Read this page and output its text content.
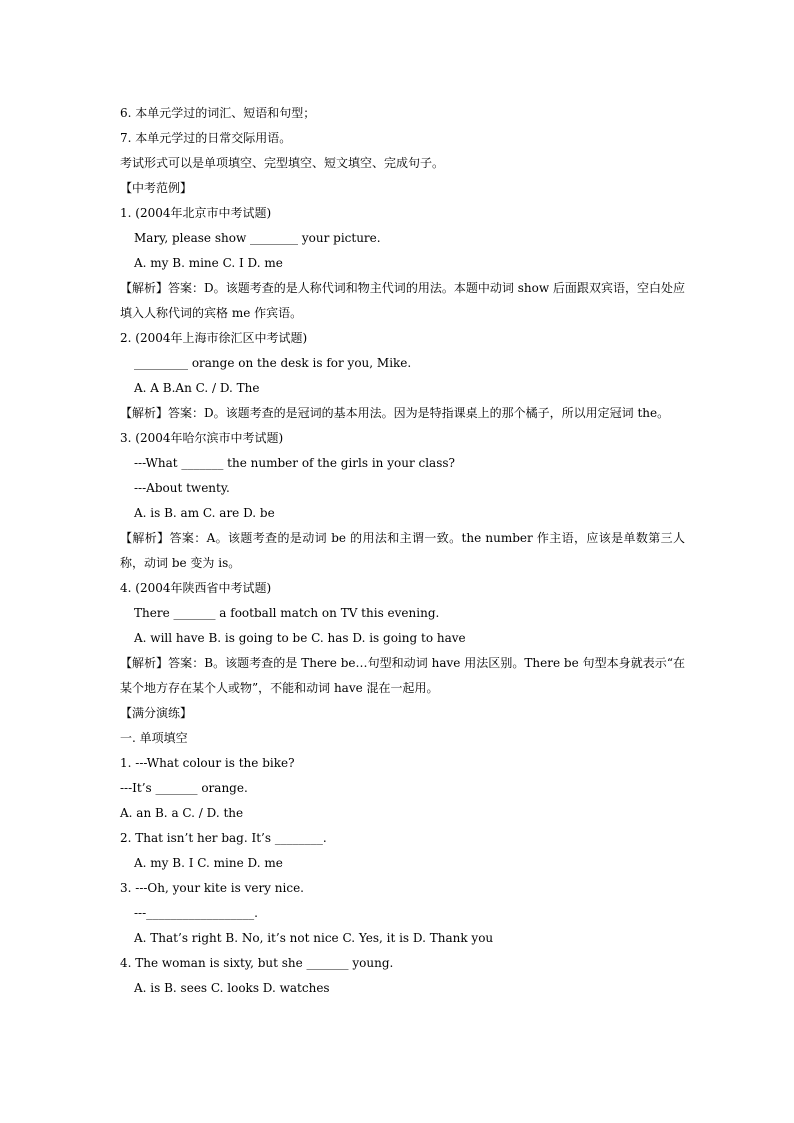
6. 本单元学过的词汇、短语和句型；
7. 本单元学过的日常交际用语。
考试形式可以是单项填空、完型填空、短文填空、完成句子。
【中考范例】
1. (2004年北京市中考试题)
Mary, please show ________ your picture.
A. my B. mine C. I D. me
【解析】答案：D。该题考查的是人称代词和物主代词的用法。本题中动词 show 后面跟双宾语，空白处应填入人称代词的宾格 me 作宾语。
2. (2004年上海市徐汇区中考试题)
_________ orange on the desk is for you, Mike.
A. A B.An C. / D. The
【解析】答案：D。该题考查的是冠词的基本用法。因为是特指课桌上的那个橘子，所以用定冠词 the。
3. (2004年哈尔滨市中考试题)
---What _______ the number of the girls in your class?
---About twenty.
A. is B. am C. are D. be
【解析】答案：A。该题考查的是动词 be 的用法和主谓一致。the number 作主语，应该是单数第三人称，动词 be 变为 is。
4. (2004年陕西省中考试题)
There _______ a football match on TV this evening.
A. will have B. is going to be C. has D. is going to have
【解析】答案：B。该题考查的是 There be…句型和动词 have 用法区别。There be 句型本身就表示“在某个地方存在某个人或物”，不能和动词 have 混在一起用。
【满分演练】
一. 单项填空
1. ---What colour is the bike?
---It’s _______ orange.
A. an B. a C. / D. the
2. That isn’t her bag. It’s ________.
A. my B. I C. mine D. me
3. ---Oh, your kite is very nice.
---__________________.
A. That’s right B. No, it’s not nice C. Yes, it is D. Thank you
4. The woman is sixty, but she _______ young.
A. is B. sees C. looks D. watches
